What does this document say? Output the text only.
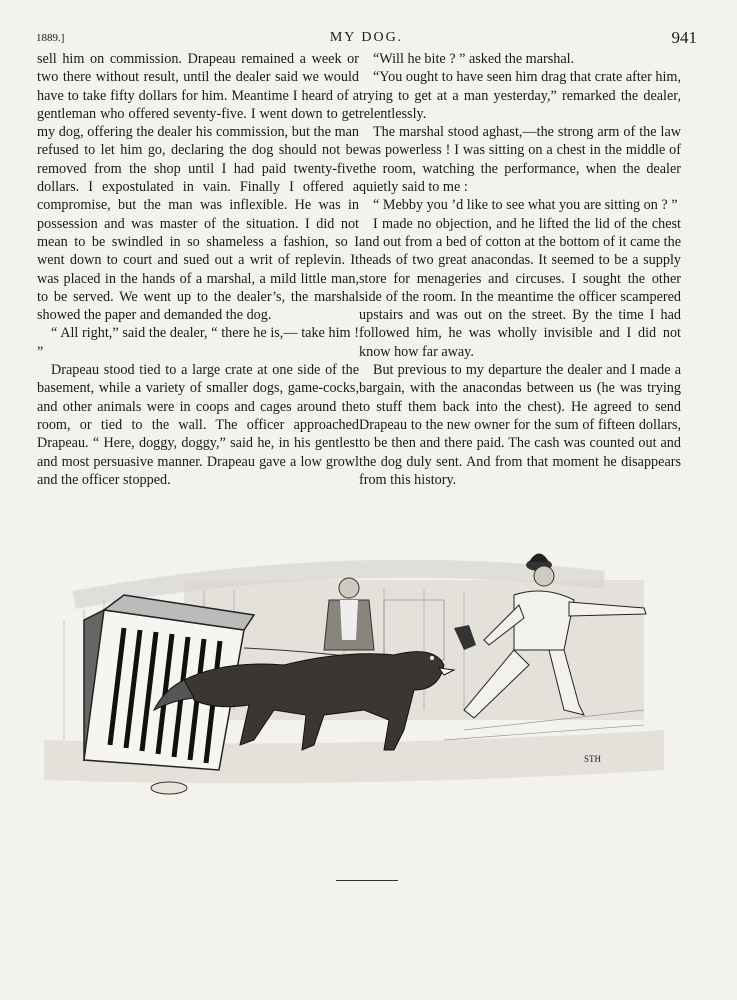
1889.]	MY DOG.	941

sell him on commission. Drapeau remained a week or two there without result, until the dealer said we would have to take fifty dollars for him. Meantime I heard of a gentleman who offered seventy-five. I went down to get my dog, offering the dealer his commission, but the man refused to let him go, declaring the dog should not be removed from the shop until I had paid twenty-five dollars. I expostulated in vain. Finally I offered a compromise, but the man was inflexible. He was in possession and was master of the situation. I did not mean to be swindled in so shameless a fashion, so I went down to court and sued out a writ of replevin. It was placed in the hands of a marshal, a mild little man, to be served. We went up to the dealer’s, the marshal showed the paper and demanded the dog.

“ All right,” said the dealer, “ there he is,— take him ! ”

Drapeau stood tied to a large crate at one side of the basement, while a variety of smaller dogs, game-cocks, and other animals were in coops and cages around the room, or tied to the wall. The officer approached Drapeau. “ Here, doggy, doggy,” said he, in his gentlest and most persuasive manner. Drapeau gave a low growl and the officer stopped.

“Will he bite ? ” asked the marshal.

“You ought to have seen him drag that crate after him, trying to get at a man yesterday,” remarked the dealer, relentlessly.

The marshal stood aghast,—the strong arm of the law was powerless ! I was sitting on a chest in the middle of the room, watching the performance, when the dealer quietly said to me :

“ Mebby you ’d like to see what you are sitting on ? ”

I made no objection, and he lifted the lid of the chest and out from a bed of cotton at the bottom of it came the heads of two great anacondas. It seemed to be a supply store for menageries and circuses. I sought the other side of the room. In the meantime the officer scampered upstairs and was out on the street. By the time I had followed him, he was wholly invisible and I did not know how far away.

But previous to my departure the dealer and I made a bargain, with the anacondas between us (he was trying to stuff them back into the chest). He agreed to send Drapeau to the new owner for the sum of fifteen dollars, to be then and there paid. The cash was counted out and the dog duly sent. And from that moment he disappears from this history.

STH
